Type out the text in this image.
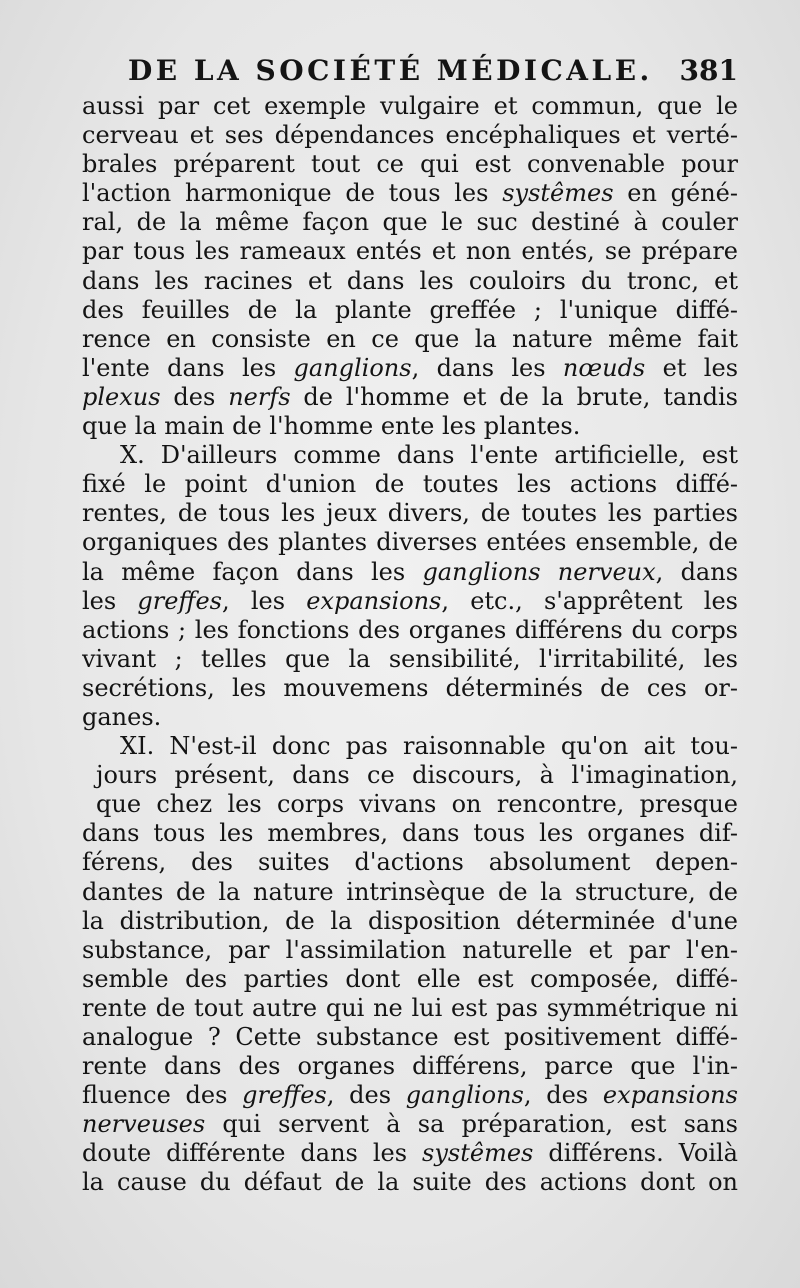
DE LA SOCIÉTÉ MÉDICALE. 381
aussi par cet exemple vulgaire et commun, que le
cerveau et ses dépendances encéphaliques et verté-
brales préparent tout ce qui est convenable pour
l'action harmonique de tous les systêmes en géné-
ral, de la même façon que le suc destiné à couler
par tous les rameaux entés et non entés, se prépare
dans les racines et dans les couloirs du tronc, et
des feuilles de la plante greffée ; l'unique diffé-
rence en consiste en ce que la nature même fait
l'ente dans les ganglions, dans les nœuds et les
plexus des nerfs de l'homme et de la brute, tandis
que la main de l'homme ente les plantes.
X. D'ailleurs comme dans l'ente artificielle, est
fixé le point d'union de toutes les actions diffé-
rentes, de tous les jeux divers, de toutes les parties
organiques des plantes diverses entées ensemble, de
la même façon dans les ganglions nerveux, dans
les greffes, les expansions, etc., s'apprêtent les
actions ; les fonctions des organes différens du corps
vivant ; telles que la sensibilité, l'irritabilité, les
secrétions, les mouvemens déterminés de ces or-
ganes.
XI. N'est-il donc pas raisonnable qu'on ait tou-
jours présent, dans ce discours, à l'imagination,
que chez les corps vivans on rencontre, presque
dans tous les membres, dans tous les organes dif-
férens, des suites d'actions absolument depen-
dantes de la nature intrinsèque de la structure, de
la distribution, de la disposition déterminée d'une
substance, par l'assimilation naturelle et par l'en-
semble des parties dont elle est composée, diffé-
rente de tout autre qui ne lui est pas symmétrique ni
analogue ? Cette substance est positivement diffé-
rente dans des organes différens, parce que l'in-
fluence des greffes, des ganglions, des expansions
nerveuses qui servent à sa préparation, est sans
doute différente dans les systêmes différens. Voilà
la cause du défaut de la suite des actions dont on
